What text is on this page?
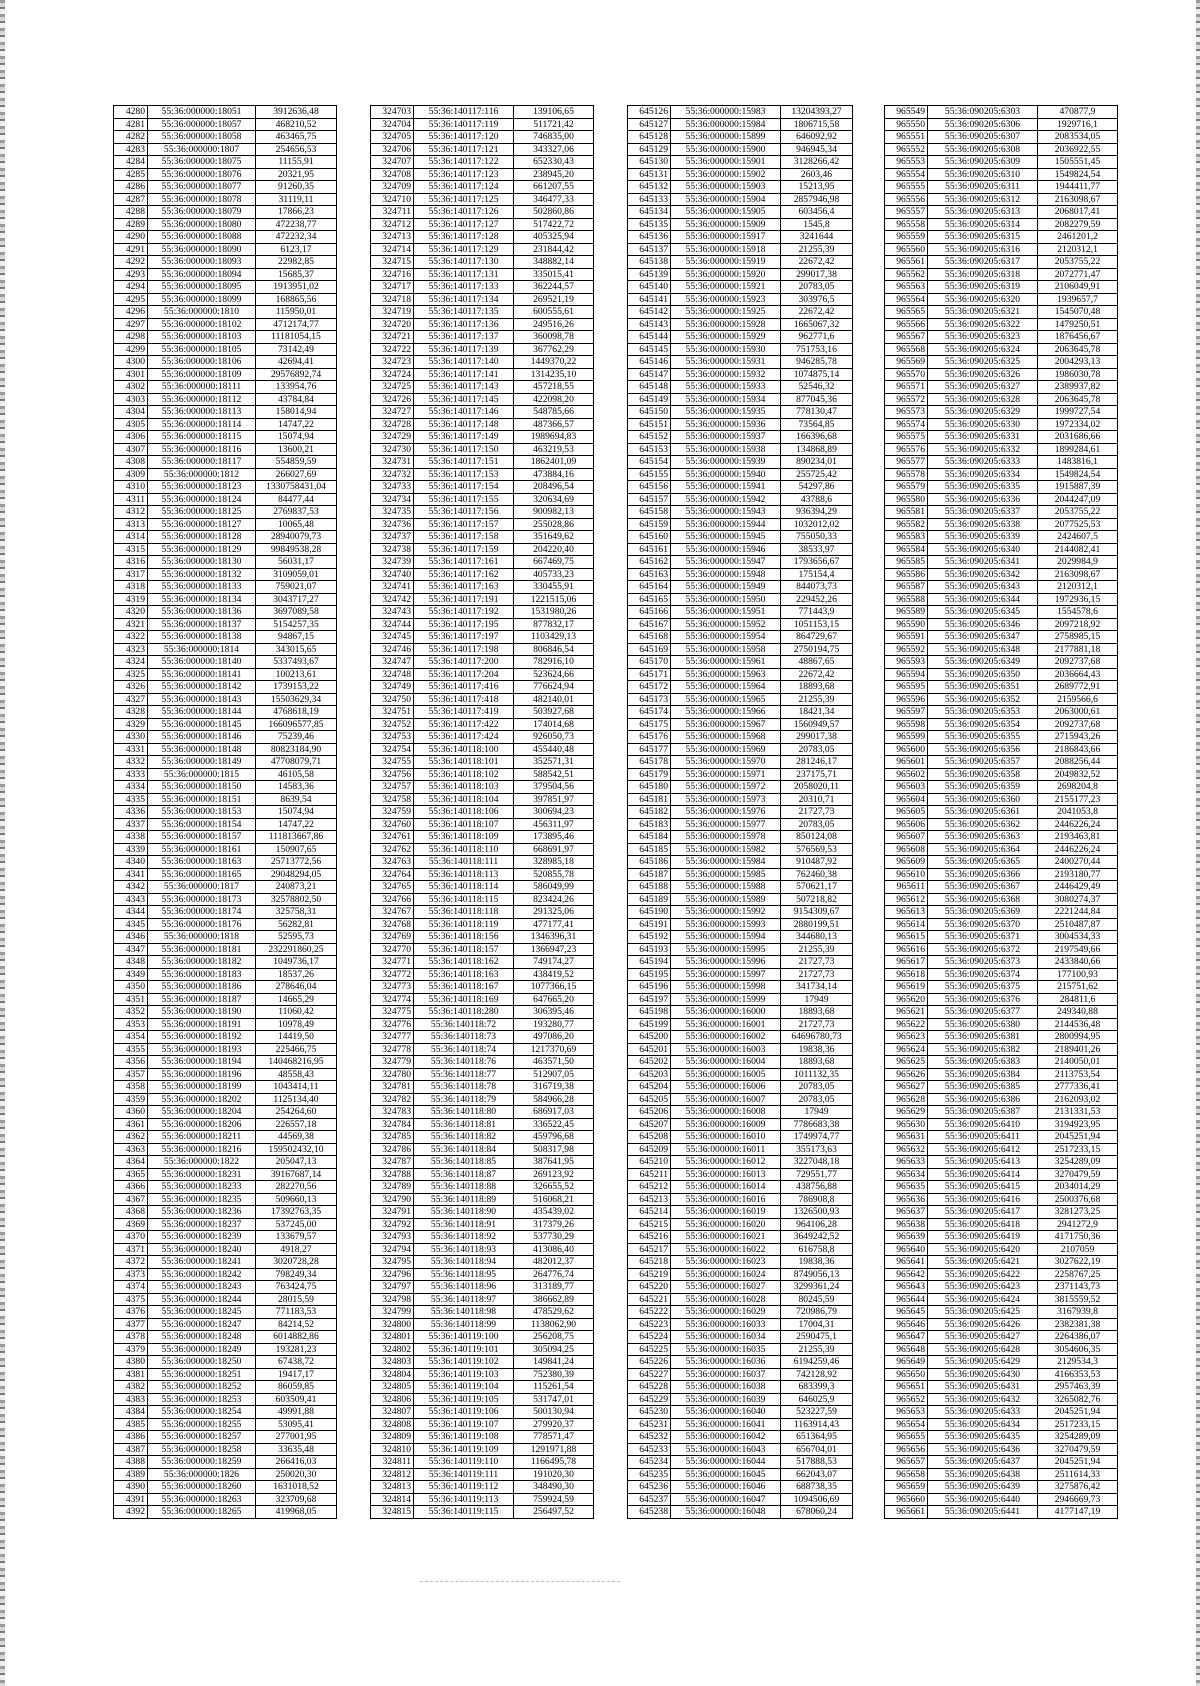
4280	55:36:000000:18051	3912636,48
4281	55:36:000000:18057	468210,52
4282	55:36:000000:18058	463465,75
4283	55:36:000000:1807	254656,53
4284	55:36:000000:18075	11155,91
4285	55:36:000000:18076	20321,95
4286	55:36:000000:18077	91260,35
4287	55:36:000000:18078	31119,11
4288	55:36:000000:18079	17866,23
4289	55:36:000000:18080	472238,77
4290	55:36:000000:18088	472232,34
4291	55:36:000000:18090	6123,17
4292	55:36:000000:18093	22982,85
4293	55:36:000000:18094	15685,37
4294	55:36:000000:18095	1913951,02
4295	55:36:000000:18099	168865,56
4296	55:36:000000:1810	115950,01
4297	55:36:000000:18102	4712174,77
4298	55:36:000000:18103	11181054,15
4299	55:36:000000:18105	73142,49
4300	55:36:000000:18106	42694,41
4301	55:36:000000:18109	29576892,74
4302	55:36:000000:18111	133954,76
4303	55:36:000000:18112	43784,84
4304	55:36:000000:18113	158014,94
4305	55:36:000000:18114	14747,22
4306	55:36:000000:18115	15074,94
4307	55:36:000000:18116	13600,21
4308	55:36:000000:18117	554859,59
4309	55:36:000000:1812	266027,69
4310	55:36:000000:18123	1330758431,04
4311	55:36:000000:18124	84477,44
4312	55:36:000000:18125	2769837,53
4313	55:36:000000:18127	10065,48
4314	55:36:000000:18128	28940079,73
4315	55:36:000000:18129	99849538,28
4316	55:36:000000:18130	56031,17
4317	55:36:000000:18132	3109059,01
4318	55:36:000000:18133	759021,07
4319	55:36:000000:18134	3043717,27
4320	55:36:000000:18136	3697089,58
4321	55:36:000000:18137	5154257,35
4322	55:36:000000:18138	94867,15
4323	55:36:000000:1814	343015,65
4324	55:36:000000:18140	5337493,67
4325	55:36:000000:18141	100213,61
4326	55:36:000000:18142	1739153,22
4327	55:36:000000:18143	15503629,34
4328	55:36:000000:18144	4768618,19
4329	55:36:000000:18145	166096577,85
4330	55:36:000000:18146	75239,46
4331	55:36:000000:18148	80823184,90
4332	55:36:000000:18149	47708079,71
4333	55:36:000000:1815	46105,58
4334	55:36:000000:18150	14583,36
4335	55:36:000000:18151	8639,54
4336	55:36:000000:18153	15074,94
4337	55:36:000000:18154	14747,22
4338	55:36:000000:18157	111813667,86
4339	55:36:000000:18161	150907,65
4340	55:36:000000:18163	25713772,56
4341	55:36:000000:18165	29048294,05
4342	55:36:000000:1817	240873,21
4343	55:36:000000:18173	32578802,50
4344	55:36:000000:18174	325758,31
4345	55:36:000000:18176	56282,81
4346	55:36:000000:1818	52595,73
4347	55:36:000000:18181	232291860,25
4348	55:36:000000:18182	1049736,17
4349	55:36:000000:18183	18537,26
4350	55:36:000000:18186	278646,04
4351	55:36:000000:18187	14665,29
4352	55:36:000000:18190	11060,42
4353	55:36:000000:18191	10978,49
4354	55:36:000000:18192	14419,50
4355	55:36:000000:18193	225466,75
4356	55:36:000000:18194	140468216,95
4357	55:36:000000:18196	48558,43
4358	55:36:000000:18199	1043414,11
4359	55:36:000000:18202	1125134,40
4360	55:36:000000:18204	254264,60
4361	55:36:000000:18206	226557,18
4362	55:36:000000:18211	44569,38
4363	55:36:000000:18216	159502432,10
4364	55:36:000000:1822	205047,13
4365	55:36:000000:18231	39167687,14
4366	55:36:000000:18233	282270,56
4367	55:36:000000:18235	509660,13
4368	55:36:000000:18236	17392763,35
4369	55:36:000000:18237	537245,00
4370	55:36:000000:18239	133679,57
4371	55:36:000000:18240	4918,27
4372	55:36:000000:18241	3020728,28
4373	55:36:000000:18242	798249,34
4374	55:36:000000:18243	763424,75
4375	55:36:000000:18244	28015,59
4376	55:36:000000:18245	771183,53
4377	55:36:000000:18247	84214,52
4378	55:36:000000:18248	6014882,86
4379	55:36:000000:18249	193281,23
4380	55:36:000000:18250	67438,72
4381	55:36:000000:18251	19417,17
4382	55:36:000000:18252	86059,85
4383	55:36:000000:18253	603509,41
4384	55:36:000000:18254	49991,88
4385	55:36:000000:18255	53095,41
4386	55:36:000000:18257	277001,95
4387	55:36:000000:18258	33635,48
4388	55:36:000000:18259	266416,03
4389	55:36:000000:1826	250020,30
4390	55:36:000000:18260	1631018,52
4391	55:36:000000:18263	323709,68
4392	55:36:000000:18265	419968,05
324703	55:36:140117:116	139106,65
324704	55:36:140117:119	511721,42
324705	55:36:140117:120	746835,00
324706	55:36:140117:121	343327,06
324707	55:36:140117:122	652330,43
324708	55:36:140117:123	238945,20
324709	55:36:140117:124	661207,55
324710	55:36:140117:125	346477,33
324711	55:36:140117:126	502860,86
324712	55:36:140117:127	517422,72
324713	55:36:140117:128	405325,94
324714	55:36:140117:129	231844,42
324715	55:36:140117:130	348882,14
324716	55:36:140117:131	335015,41
324717	55:36:140117:133	362244,57
324718	55:36:140117:134	269521,19
324719	55:36:140117:135	600555,61
324720	55:36:140117:136	249516,26
324721	55:36:140117:137	360098,78
324722	55:36:140117:139	367762,29
324723	55:36:140117:140	1449370,22
324724	55:36:140117:141	1314235,10
324725	55:36:140117:143	457218,55
324726	55:36:140117:145	422098,20
324727	55:36:140117:146	548785,66
324728	55:36:140117:148	487366,57
324729	55:36:140117:149	1989694,83
324730	55:36:140117:150	463219,53
324731	55:36:140117:151	1862401,09
324732	55:36:140117:153	473884,16
324733	55:36:140117:154	208496,54
324734	55:36:140117:155	320634,69
324735	55:36:140117:156	900982,13
324736	55:36:140117:157	255028,86
324737	55:36:140117:158	351649,62
324738	55:36:140117:159	204220,40
324739	55:36:140117:161	667469,75
324740	55:36:140117:162	405733,23
324741	55:36:140117:163	330455,91
324742	55:36:140117:191	1221515,06
324743	55:36:140117:192	1531980,26
324744	55:36:140117:195	877832,17
324745	55:36:140117:197	1103429,13
324746	55:36:140117:198	806846,54
324747	55:36:140117:200	782916,10
324748	55:36:140117:204	523624,66
324749	55:36:140117:416	776624,94
324750	55:36:140117:418	482140,01
324751	55:36:140117:419	503927,68
324752	55:36:140117:422	174014,68
324753	55:36:140117:424	926050,73
324754	55:36:140118:100	455440,48
324755	55:36:140118:101	352571,31
324756	55:36:140118:102	588542,51
324757	55:36:140118:103	379504,56
324758	55:36:140118:104	397851,97
324759	55:36:140118:106	300694,23
324760	55:36:140118:107	456311,97
324761	55:36:140118:109	173895,46
324762	55:36:140118:110	668691,97
324763	55:36:140118:111	328985,18
324764	55:36:140118:113	520855,78
324765	55:36:140118:114	586049,99
324766	55:36:140118:115	823424,26
324767	55:36:140118:118	291325,06
324768	55:36:140118:119	477177,41
324769	55:36:140118:156	1346396,31
324770	55:36:140118:157	1366947,23
324771	55:36:140118:162	749174,27
324772	55:36:140118:163	438419,52
324773	55:36:140118:167	1077366,15
324774	55:36:140118:169	647665,20
324775	55:36:140118:280	306395,46
324776	55:36:140118:72	193280,77
324777	55:36:140118:73	497086,20
324778	55:36:140118:74	1217370,69
324779	55:36:140118:76	463571,50
324780	55:36:140118:77	512907,05
324781	55:36:140118:78	316719,38
324782	55:36:140118:79	584966,28
324783	55:36:140118:80	686917,03
324784	55:36:140118:81	336522,45
324785	55:36:140118:82	459796,68
324786	55:36:140118:84	508317,98
324787	55:36:140118:85	387641,95
324788	55:36:140118:87	269123,92
324789	55:36:140118:88	326655,52
324790	55:36:140118:89	516068,21
324791	55:36:140118:90	435439,02
324792	55:36:140118:91	317379,26
324793	55:36:140118:92	537730,29
324794	55:36:140118:93	413086,40
324795	55:36:140118:94	482012,37
324796	55:36:140118:95	264776,74
324797	55:36:140118:96	313189,77
324798	55:36:140118:97	386662,89
324799	55:36:140118:98	478529,62
324800	55:36:140118:99	1138062,90
324801	55:36:140119:100	256208,75
324802	55:36:140119:101	305094,25
324803	55:36:140119:102	149841,24
324804	55:36:140119:103	752380,39
324805	55:36:140119:104	115261,54
324806	55:36:140119:105	531747,01
324807	55:36:140119:106	500130,94
324808	55:36:140119:107	279920,37
324809	55:36:140119:108	778571,47
324810	55:36:140119:109	1291971,88
324811	55:36:140119:110	1166495,78
324812	55:36:140119:111	191020,30
324813	55:36:140119:112	348490,30
324814	55:36:140119:113	759924,59
324815	55:36:140119:115	256497,52
645126	55:36:000000:15983	13204393,27
645127	55:36:000000:15984	1806715,58
645128	55:36:000000:15899	646092,92
645129	55:36:000000:15900	946945,34
645130	55:36:000000:15901	3128266,42
645131	55:36:000000:15902	2603,46
645132	55:36:000000:15903	15213,95
645133	55:36:000000:15904	2857946,98
645134	55:36:000000:15905	603456,4
645135	55:36:000000:15909	1545,8
645136	55:36:000000:15917	3241644
645137	55:36:000000:15918	21255,39
645138	55:36:000000:15919	22672,42
645139	55:36:000000:15920	299017,38
645140	55:36:000000:15921	20783,05
645141	55:36:000000:15923	303976,5
645142	55:36:000000:15925	22672,42
645143	55:36:000000:15928	1665067,32
645144	55:36:000000:15929	962771,6
645145	55:36:000000:15930	751753,16
645146	55:36:000000:15931	946285,78
645147	55:36:000000:15932	1074875,14
645148	55:36:000000:15933	52546,32
645149	55:36:000000:15934	877045,36
645150	55:36:000000:15935	778130,47
645151	55:36:000000:15936	73564,85
645152	55:36:000000:15937	166396,68
645153	55:36:000000:15938	134868,89
645154	55:36:000000:15939	890234,01
645155	55:36:000000:15940	255725,42
645156	55:36:000000:15941	54297,86
645157	55:36:000000:15942	43788,6
645158	55:36:000000:15943	936394,29
645159	55:36:000000:15944	1032012,02
645160	55:36:000000:15945	755050,33
645161	55:36:000000:15946	38533,97
645162	55:36:000000:15947	1793656,67
645163	55:36:000000:15948	175154,4
645164	55:36:000000:15949	844073,73
645165	55:36:000000:15950	229452,26
645166	55:36:000000:15951	771443,9
645167	55:36:000000:15952	1051153,15
645168	55:36:000000:15954	864729,67
645169	55:36:000000:15958	2750194,75
645170	55:36:000000:15961	48867,65
645171	55:36:000000:15963	22672,42
645172	55:36:000000:15964	18893,68
645173	55:36:000000:15965	21255,39
645174	55:36:000000:15966	18421,34
645175	55:36:000000:15967	1560949,57
645176	55:36:000000:15968	299017,38
645177	55:36:000000:15969	20783,05
645178	55:36:000000:15970	281246,17
645179	55:36:000000:15971	237175,71
645180	55:36:000000:15972	2058020,11
645181	55:36:000000:15973	20310,71
645182	55:36:000000:15976	21727,73
645183	55:36:000000:15977	20783,05
645184	55:36:000000:15978	850124,08
645185	55:36:000000:15982	576569,53
645186	55:36:000000:15984	910487,92
645187	55:36:000000:15985	762460,38
645188	55:36:000000:15988	570621,17
645189	55:36:000000:15989	507218,82
645190	55:36:000000:15992	9154309,67
645191	55:36:000000:15993	2880199,51
645192	55:36:000000:15994	344680,13
645193	55:36:000000:15995	21255,39
645194	55:36:000000:15996	21727,73
645195	55:36:000000:15997	21727,73
645196	55:36:000000:15998	341734,14
645197	55:36:000000:15999	17949
645198	55:36:000000:16000	18893,68
645199	55:36:000000:16001	21727,73
645200	55:36:000000:16002	64696780,73
645201	55:36:000000:16003	19838,36
645202	55:36:000000:16004	18893,68
645203	55:36:000000:16005	1011132,35
645204	55:36:000000:16006	20783,05
645205	55:36:000000:16007	20783,05
645206	55:36:000000:16008	17949
645207	55:36:000000:16009	7786683,38
645208	55:36:000000:16010	1749974,77
645209	55:36:000000:16011	355173,63
645210	55:36:000000:16012	3227048,18
645211	55:36:000000:16013	729551,77
645212	55:36:000000:16014	438756,88
645213	55:36:000000:16016	786908,8
645214	55:36:000000:16019	1326500,93
645215	55:36:000000:16020	964106,28
645216	55:36:000000:16021	3649242,52
645217	55:36:000000:16022	616758,8
645218	55:36:000000:16023	19838,36
645219	55:36:000000:16024	8749056,13
645220	55:36:000000:16027	3299361,24
645221	55:36:000000:16028	80245,59
645222	55:36:000000:16029	720986,79
645223	55:36:000000:16033	17004,31
645224	55:36:000000:16034	2590475,1
645225	55:36:000000:16035	21255,39
645226	55:36:000000:16036	6194259,46
645227	55:36:000000:16037	742128,92
645228	55:36:000000:16038	683399,3
645229	55:36:000000:16039	646025,9
645230	55:36:000000:16040	523227,59
645231	55:36:000000:16041	1163914,43
645232	55:36:000000:16042	651364,95
645233	55:36:000000:16043	656704,01
645234	55:36:000000:16044	517888,53
645235	55:36:000000:16045	662043,07
645236	55:36:000000:16046	688738,35
645237	55:36:000000:16047	1094506,69
645238	55:36:000000:16048	678060,24
965549	55:36:090205:6303	470877,9
965550	55:36:090205:6306	1929716,1
965551	55:36:090205:6307	2083534,05
965552	55:36:090205:6308	2036922,55
965553	55:36:090205:6309	1505551,45
965554	55:36:090205:6310	1549824,54
965555	55:36:090205:6311	1944411,77
965556	55:36:090205:6312	2163098,67
965557	55:36:090205:6313	2068017,41
965558	55:36:090205:6314	2082279,59
965559	55:36:090205:6315	2461201,2
965560	55:36:090205:6316	2120312,1
965561	55:36:090205:6317	2053755,22
965562	55:36:090205:6318	2072771,47
965563	55:36:090205:6319	2106049,91
965564	55:36:090205:6320	1939657,7
965565	55:36:090205:6321	1545070,48
965566	55:36:090205:6322	1479250,51
965567	55:36:090205:6323	1876456,67
965568	55:36:090205:6324	2063645,78
965569	55:36:090205:6325	2004293,13
965570	55:36:090205:6326	1986030,78
965571	55:36:090205:6327	2389937,82
965572	55:36:090205:6328	2063645,78
965573	55:36:090205:6329	1999727,54
965574	55:36:090205:6330	1972334,02
965575	55:36:090205:6331	2031686,66
965576	55:36:090205:6332	1899284,61
965577	55:36:090205:6333	1483816,1
965578	55:36:090205:6334	1549824,54
965579	55:36:090205:6335	1915887,39
965580	55:36:090205:6336	2044247,09
965581	55:36:090205:6337	2053755,22
965582	55:36:090205:6338	2077525,53
965583	55:36:090205:6339	2424607,5
965584	55:36:090205:6340	2144082,41
965585	55:36:090205:6341	2029984,9
965586	55:36:090205:6342	2163098,67
965587	55:36:090205:6343	2120312,1
965588	55:36:090205:6344	1972936,15
965589	55:36:090205:6345	1554578,6
965590	55:36:090205:6346	2097218,92
965591	55:36:090205:6347	2758985,15
965592	55:36:090205:6348	2177881,18
965593	55:36:090205:6349	2092737,68
965594	55:36:090205:6350	2036664,43
965595	55:36:090205:6351	2689772,91
965596	55:36:090205:6352	2159566,6
965597	55:36:090205:6353	2063000,61
965598	55:36:090205:6354	2092737,68
965599	55:36:090205:6355	2715943,26
965600	55:36:090205:6356	2186843,66
965601	55:36:090205:6357	2088256,44
965602	55:36:090205:6358	2049832,52
965603	55:36:090205:6359	2698204,8
965604	55:36:090205:6360	2155177,23
965605	55:36:090205:6361	2041053,8
965606	55:36:090205:6362	2446226,24
965607	55:36:090205:6363	2193463,81
965608	55:36:090205:6364	2446226,24
965609	55:36:090205:6365	2400270,44
965610	55:36:090205:6366	2193180,77
965611	55:36:090205:6367	2446429,49
965612	55:36:090205:6368	3080274,37
965613	55:36:090205:6369	2221244,84
965614	55:36:090205:6370	2510487,87
965615	55:36:090205:6371	3004534,33
965616	55:36:090205:6372	2197549,66
965617	55:36:090205:6373	2433840,66
965618	55:36:090205:6374	177100,93
965619	55:36:090205:6375	215751,62
965620	55:36:090205:6376	284811,6
965621	55:36:090205:6377	249340,88
965622	55:36:090205:6380	2144536,48
965623	55:36:090205:6381	2800994,95
965624	55:36:090205:6382	2189401,26
965625	55:36:090205:6383	2140050,01
965626	55:36:090205:6384	2113753,54
965627	55:36:090205:6385	2777336,41
965628	55:36:090205:6386	2162093,02
965629	55:36:090205:6387	2131331,53
965630	55:36:090205:6410	3194923,95
965631	55:36:090205:6411	2045251,94
965632	55:36:090205:6412	2517233,15
965633	55:36:090205:6413	3254289,09
965634	55:36:090205:6414	3270479,59
965635	55:36:090205:6415	2034014,29
965636	55:36:090205:6416	2500376,68
965637	55:36:090205:6417	3281273,25
965638	55:36:090205:6418	2941272,9
965639	55:36:090205:6419	4171750,36
965640	55:36:090205:6420	2107059
965641	55:36:090205:6421	3027622,19
965642	55:36:090205:6422	2258767,25
965643	55:36:090205:6423	2371143,73
965644	55:36:090205:6424	3815559,52
965645	55:36:090205:6425	3167939,8
965646	55:36:090205:6426	2382381,38
965647	55:36:090205:6427	2264386,07
965648	55:36:090205:6428	3054606,35
965649	55:36:090205:6429	2129534,3
965650	55:36:090205:6430	4166353,53
965651	55:36:090205:6431	2957463,39
965652	55:36:090205:6432	3265082,76
965653	55:36:090205:6433	2045251,94
965654	55:36:090205:6434	2517233,15
965655	55:36:090205:6435	3254289,09
965656	55:36:090205:6436	3270479,59
965657	55:36:090205:6437	2045251,94
965658	55:36:090205:6438	2511614,33
965659	55:36:090205:6439	3275876,42
965660	55:36:090205:6440	2946669,73
965661	55:36:090205:6441	4177147,19
